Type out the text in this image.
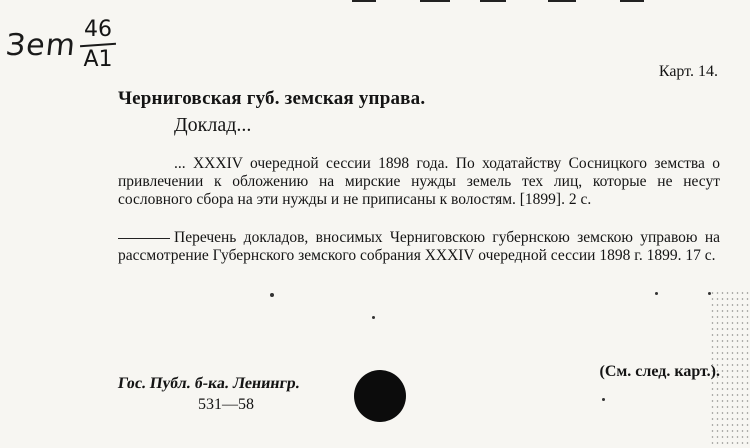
Зem 46
A1	Карт. 14.
Черниговская губ. земская управа.
Доклад...
... XXXIV очередной сессии 1898 года. По ходатайству Сосницкого земства о привлечении к обложению на мирские нужды земель тех лиц, которые не несут сословного сбора на эти нужды и не приписаны к волостям. [1899]. 2 с.
Перечень докладов, вносимых Черниговскою губернскою земскою управою на рассмотрение Губернского земского собрания XXXIV очередной сессии 1898 г. 1899. 17 с.
Гос. Публ. б-ка. Ленингр.
531—58
(См. след. карт.).
